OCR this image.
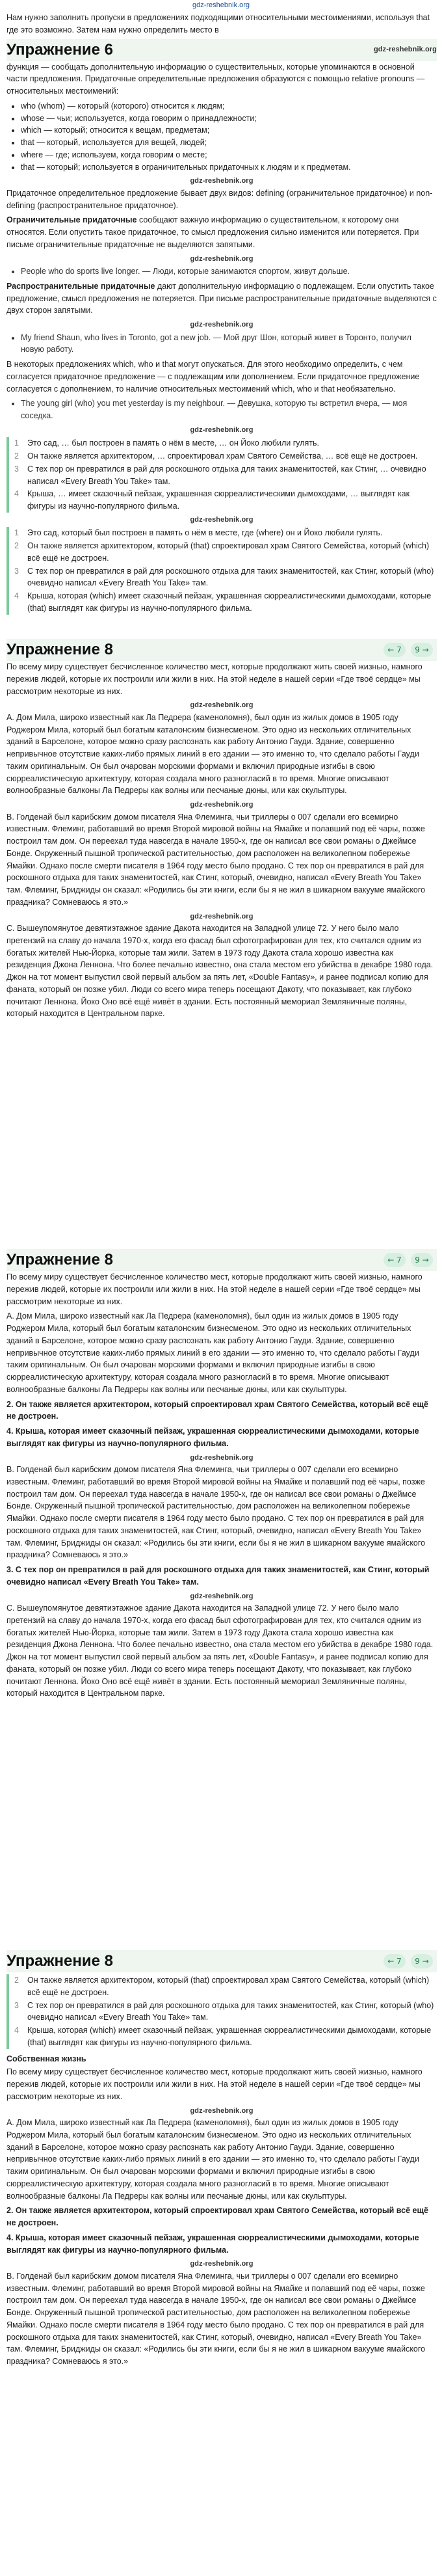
gdz-reshebnik.org

Нам нужно заполнить пропуски в предложениях подходящими относительными местоимениями, используя that где это возможно. Затем нам нужно определить место в

Упражнение 6	gdz-reshebnik.org

функция — сообщать дополнительную информацию о существительных, которые упоминаются в основной части предложения. Придаточные определительные предложения образуются с помощью relative pronouns — относительных местоимений:

• who (whom) — который (которого) относится к людям;
• whose — чьи; используется, когда говорим о принадлежности;
• which — который; относится к вещам, предметам;
• that — который, используется для вещей, людей;
• where — где; используем, когда говорим о месте;
• that — который; используется в ограничительных придаточных к людям и к предметам.
gdz-reshebnik.org

Придаточное определительное предложение бывает двух видов: defining (ограничительное придаточное) и non-defining (распространительное придаточное).

Ограничительные придаточные сообщают важную информацию о существительном, к которому они относятся. Если опустить такое придаточное, то смысл предложения сильно изменится или потеряется. При письме ограничительные придаточные не выделяются запятыми.

gdz-reshebnik.org
• People who do sports live longer. — Люди, которые занимаются спортом, живут дольше.

Распространительные придаточные дают дополнительную информацию о подлежащем. Если опустить такое предложение, смысл предложения не потеряется. При письме распространительные придаточные выделяются с двух сторон запятыми.

gdz-reshebnik.org
• My friend Shaun, who lives in Toronto, got a new job. — Мой друг Шон, который живет в Торонто, получил новую работу.

В некоторых предложениях which, who и that могут опускаться. Для этого необходимо определить, с чем согласуется придаточное предложение — с подлежащим или дополнением. Если придаточное предложение согласуется с дополнением, то наличие относительных местоимений which, who и that необязательно.

• The young girl (who) you met yesterday is my neighbour. — Девушка, которую ты встретил вчера, — моя соседка.
gdz-reshebnik.org
1 Это сад, … был построен в память о нём в месте, … он Йоко любили гулять.
2 Он также является архитектором, … спроектировал храм Святого Семейства, … всё ещё не достроен.
3 С тех пор он превратился в рай для роскошного отдыха для таких знаменитостей, как Стинг, … очевидно написал «Every Breath You Take» там.
4 Крыша, … имеет сказочный пейзаж, украшенная сюрреалистическими дымоходами, … выглядят как фигуры из научно-популярного фильма.
gdz-reshebnik.org
1 Это сад, который был построен в память о нём в месте, где (where) он и Йоко любили гулять.
2 Он также является архитектором, который (that) спроектировал храм Святого Семейства, который (which) всё ещё не достроен.
3 С тех пор он превратился в рай для роскошного отдыха для таких знаменитостей, как Стинг, который (who) очевидно написал «Every Breath You Take» там.
4 Крыша, которая (which) имеет сказочный пейзаж, украшенная сюрреалистическими дымоходами, которые (that) выглядят как фигуры из научно-популярного фильма.
Упражнение 8	←
7 9
→

По всему миру существует бесчисленное количество мест, которые продолжают жить своей жизнью, намного пережив людей, которые их построили или жили в них. На этой неделе в нашей серии «Где твоё сердце» мы рассмотрим некоторые из них.

gdz-reshebnik.org

А. Дом Мила, широко известный как Ла Педрера (каменоломня), был один из жилых домов в 1905 году Роджером Мила, который был богатым каталонским бизнесменом. Это одно из нескольких отличительных зданий в Барселоне, которое можно сразу распознать как работу Антонио Гауди. Здание, совершенно непривычное отсутствие каких-либо прямых линий в его здании — это именно то, что сделало работы Гауди таким оригинальным. Он был очарован морскими формами и включил природные изгибы в свою сюрреалистическую архитектуру, которая создала много разногласий в то время. Многие описывают волнообразные балконы Ла Педреры как волны или песчаные дюны, или как скульптуры.

gdz-reshebnik.org

В. Голденай был карибским домом писателя Яна Флеминга, чьи триллеры о 007 сделали его всемирно известным. Флеминг, работавший во время Второй мировой войны на Ямайке и полавший под её чары, позже построил там дом. Он переехал туда навсегда в начале 1950-х, где он написал все свои романы о Джеймсе Бонде. Окруженный пышной тропической растительностью, дом расположен на великолепном побережье Ямайки. Однако после смерти писателя в 1964 году место было продано. С тех пор он превратился в рай для роскошного отдыха для таких знаменитостей, как Стинг, который, очевидно, написал «Every Breath You Take» там. Флеминг, Бриджиды он сказал: «Родились бы эти книги, если бы я не жил в шикарном вакууме ямайского праздника? Сомневаюсь я это.»

gdz-reshebnik.org

С. Вышеупомянутое девятиэтажное здание Дакота находится на Западной улице 72. У него было мало претензий на славу до начала 1970-х, когда его фасад был сфотографирован для тех, кто считался одним из богатых жителей Нью-Йорка, которые там жили. Затем в 1973 году Дакота стала хорошо известна как резиденция Джона Леннона. Что более печально известно, она стала местом его убийства в декабре 1980 года. Джон на тот момент выпустил свой первый альбом за пять лет, «Double Fantasy», и ранее подписал копию для фаната, который он позже убил. Люди со всего мира теперь посещают Дакоту, что показывает, как глубоко почитают Леннона. Йоко Оно всё ещё живёт в здании. Есть постоянный мемориал Земляничные поляны, который находится в Центральном парке.

Упражнение 8	←
7 9
→

По всему миру существует бесчисленное количество мест, которые продолжают жить своей жизнью, намного пережив людей, которые их построили или жили в них. На этой неделе в нашей серии «Где твоё сердце» мы рассмотрим некоторые из них.

А. Дом Мила, широко известный как Ла Педрера (каменоломня), был один из жилых домов в 1905 году Роджером Мила, который был богатым каталонским бизнесменом. Это одно из нескольких отличительных зданий в Барселоне, которое можно сразу распознать как работу Антонио Гауди. Здание, совершенно непривычное отсутствие каких-либо прямых линий в его здании — это именно то, что сделало работы Гауди таким оригинальным. Он был очарован морскими формами и включил природные изгибы в свою сюрреалистическую архитектуру, которая создала много разногласий в то время. Многие описывают волнообразные балконы Ла Педреры как волны или песчаные дюны, или как скульптуры.

2. Он также является архитектором, который спроектировал храм Святого Семейства, который всё ещё не достроен.

4. Крыша, которая имеет сказочный пейзаж, украшенная сюрреалистическими дымоходами, которые выглядят как фигуры из научно-популярного фильма.

gdz-reshebnik.org

В. Голденай был карибским домом писателя Яна Флеминга, чьи триллеры о 007 сделали его всемирно известным. Флеминг, работавший во время Второй мировой войны на Ямайке и полавший под её чары, позже построил там дом. Он переехал туда навсегда в начале 1950-х, где он написал все свои романы о Джеймсе Бонде. Окруженный пышной тропической растительностью, дом расположен на великолепном побережье Ямайки. Однако после смерти писателя в 1964 году место было продано. С тех пор он превратился в рай для роскошного отдыха для таких знаменитостей, как Стинг, который, очевидно, написал «Every Breath You Take» там. Флеминг, Бриджиды он сказал: «Родились бы эти книги, если бы я не жил в шикарном вакууме ямайского праздника? Сомневаюсь я это.»

3. С тех пор он превратился в рай для роскошного отдыха для таких знаменитостей, как Стинг, который очевидно написал «Every Breath You Take» там.

gdz-reshebnik.org

С. Вышеупомянутое девятиэтажное здание Дакота находится на Западной улице 72. У него было мало претензий на славу до начала 1970-х, когда его фасад был сфотографирован для тех, кто считался одним из богатых жителей Нью-Йорка, которые там жили. Затем в 1973 году Дакота стала хорошо известна как резиденция Джона Леннона. Что более печально известно, она стала местом его убийства в декабре 1980 года. Джон на тот момент выпустил свой первый альбом за пять лет, «Double Fantasy», и ранее подписал копию для фаната, который он позже убил. Люди со всего мира теперь посещают Дакоту, что показывает, как глубоко почитают Леннона. Йоко Оно всё ещё живёт в здании. Есть постоянный мемориал Земляничные поляны, который находится в Центральном парке.

Упражнение 8	←
7 9
→
2 Он также является архитектором, который (that) спроектировал храм Святого Семейства, который (which) всё ещё не достроен.
3 С тех пор он превратился в рай для роскошного отдыха для таких знаменитостей, как Стинг, который (who) очевидно написал «Every Breath You Take» там.
4 Крыша, которая (which) имеет сказочный пейзаж, украшенная сюрреалистическими дымоходами, которые (that) выглядят как фигуры из научно-популярного фильма.

Собственная жизнь

По всему миру существует бесчисленное количество мест, которые продолжают жить своей жизнью, намного пережив людей, которые их построили или жили в них. На этой неделе в нашей серии «Где твоё сердце» мы рассмотрим некоторые из них.

gdz-reshebnik.org

А. Дом Мила, широко известный как Ла Педрера (каменоломня), был один из жилых домов в 1905 году Роджером Мила, который был богатым каталонским бизнесменом. Это одно из нескольких отличительных зданий в Барселоне, которое можно сразу распознать как работу Антонио Гауди. Здание, совершенно непривычное отсутствие каких-либо прямых линий в его здании — это именно то, что сделало работы Гауди таким оригинальным. Он был очарован морскими формами и включил природные изгибы в свою сюрреалистическую архитектуру, которая создала много разногласий в то время. Многие описывают волнообразные балконы Ла Педреры как волны или песчаные дюны, или как скульптуры.

2. Он также является архитектором, который спроектировал храм Святого Семейства, который всё ещё не достроен.

4. Крыша, которая имеет сказочный пейзаж, украшенная сюрреалистическими дымоходами, которые выглядят как фигуры из научно-популярного фильма.

gdz-reshebnik.org

В. Голденай был карибским домом писателя Яна Флеминга, чьи триллеры о 007 сделали его всемирно известным. Флеминг, работавший во время Второй мировой войны на Ямайке и полавший под её чары, позже построил там дом. Он переехал туда навсегда в начале 1950-х, где он написал все свои романы о Джеймсе Бонде. Окруженный пышной тропической растительностью, дом расположен на великолепном побережье Ямайки. Однако после смерти писателя в 1964 году место было продано. С тех пор он превратился в рай для роскошного отдыха для таких знаменитостей, как Стинг, который, очевидно, написал «Every Breath You Take» там. Флеминг, Бриджиды он сказал: «Родились бы эти книги, если бы я не жил в шикарном вакууме ямайского праздника? Сомневаюсь я это.»
